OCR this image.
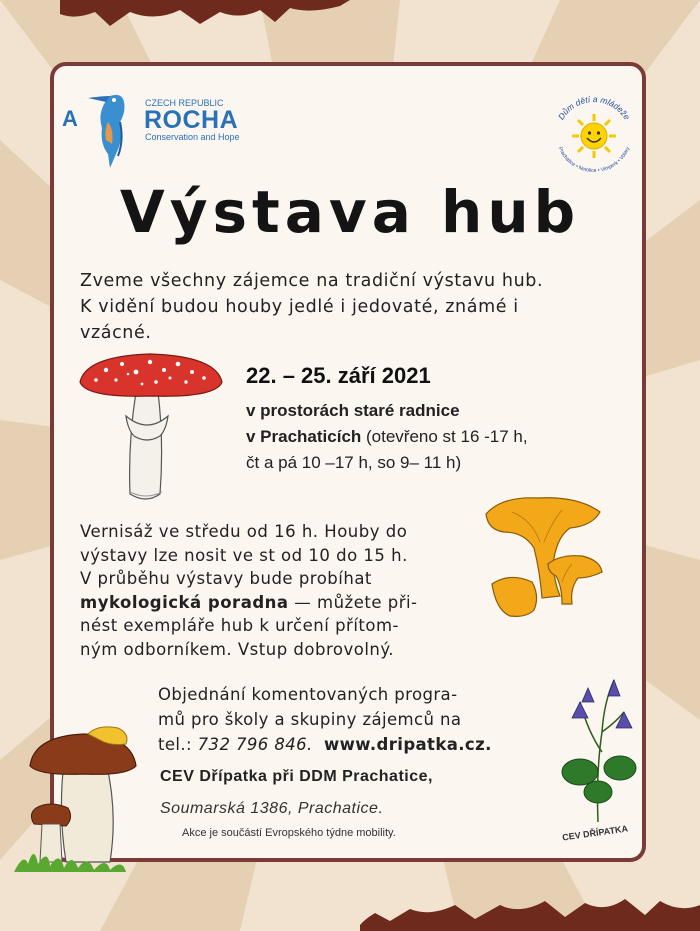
A
CZECH REPUBLIC
ROCHA
Conservation and Hope
Dům dětí a mládeže
Prachatice • Netolice • Vimperk • Volary
Výstava hub
Zveme všechny zájemce na tradiční výstavu hub.
K vidění budou houby jedlé i jedovaté, známé i
vzácné.
22. – 25. září 2021
v prostorách staré radnice
v Prachaticích (otevřeno st 16 -17 h,
čt a pá 10 –17 h, so 9– 11 h)
Vernisáž ve středu od 16 h. Houby do
výstavy lze nosit ve st od 10 do 15 h.
V průběhu výstavy bude probíhat
mykologická poradna — můžete při-
nést exempláře hub k určení přítom-
ným odborníkem. Vstup dobrovolný.
Objednání komentovaných progra-
mů pro školy a skupiny zájemců na
tel.: 732 796 846. www.dripatka.cz.
CEV Dřípatka při DDM Prachatice,
Soumarská 1386, Prachatice.
Akce je součástí Evropského týdne mobility.	CEV DŘÍPATKA
